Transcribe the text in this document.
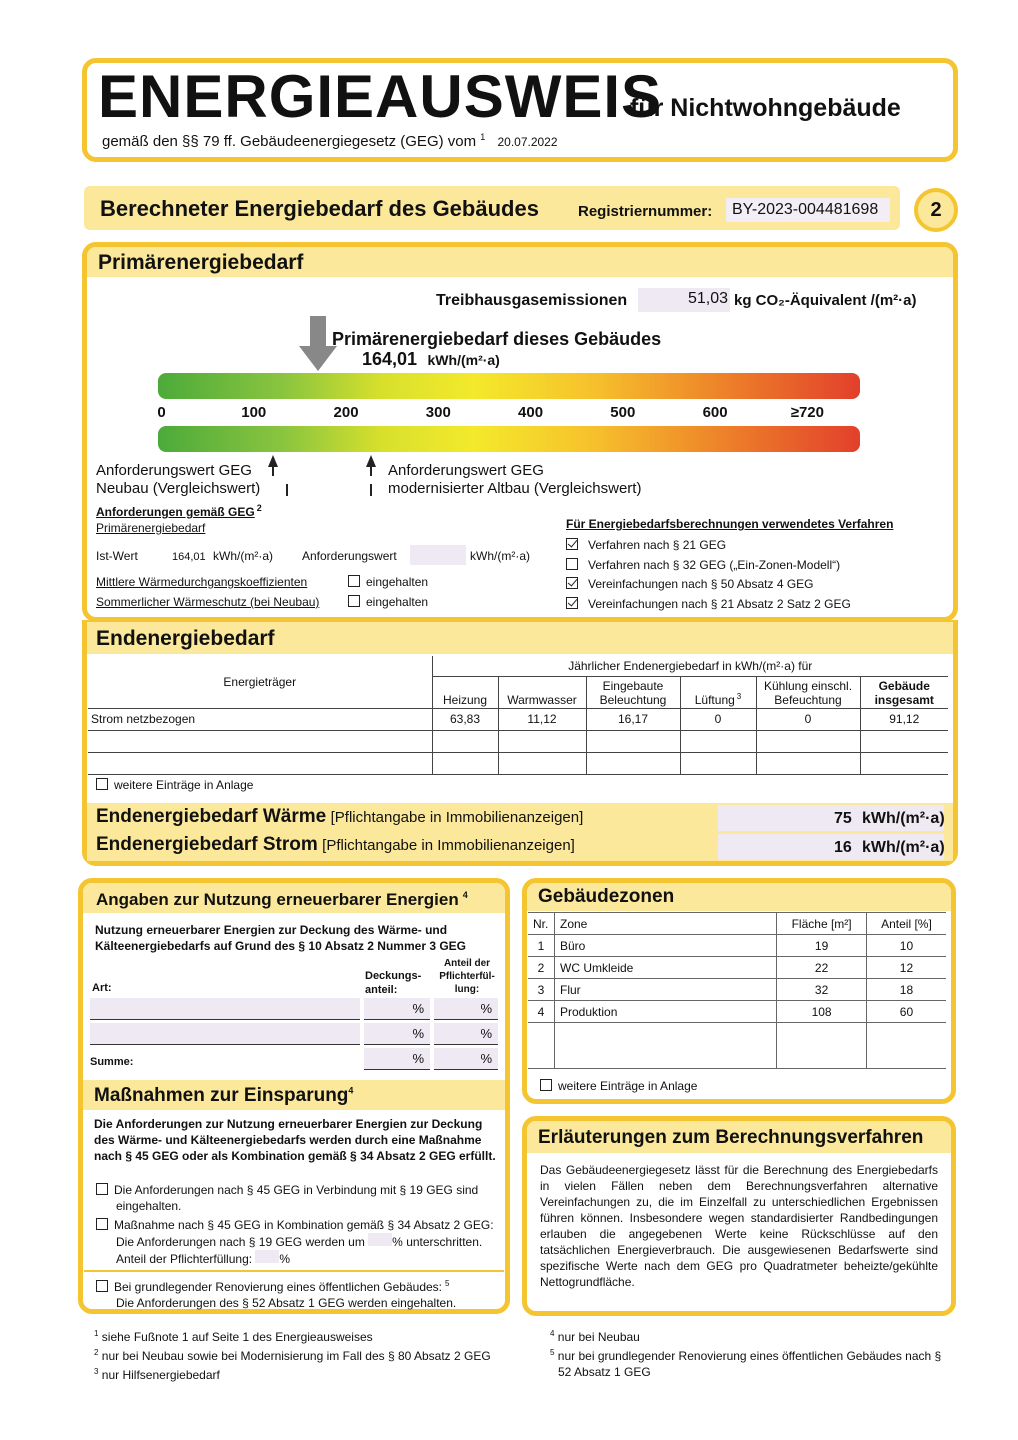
ENERGIEAUSWEIS
für Nichtwohngebäude
gemäß den §§ 79 ff. Gebäudeenergiegesetz (GEG) vom $^1$ 20.07.2022
Berechneter Energiebedarf des Gebäudes	Registriernummer:	BY-2023-004481698	2
Primärenergiebedarf
Treibhausgasemissionen	51,03 kg CO₂-Äquivalent /(m²·a)
Primärenergiebedarf dieses Gebäudes
164,01 kWh/(m²·a)
0	100	200	300	400	500	600	≥720
Anforderungswert GEG
Neubau (Vergleichswert)
Anforderungswert GEG
modernisierter Altbau (Vergleichswert)
Anforderungen gemäß GEG $^2$
Primärenergiebedarf
Ist-Wert	164,01 kWh/(m²·a) Anforderungswert	kWh/(m²·a)
Mittlere Wärmedurchgangskoeffizienten	eingehalten
Sommerlicher Wärmeschutz (bei Neubau)	eingehalten
Für Energiebedarfsberechnungen verwendetes Verfahren
Verfahren nach § 21 GEG
Verfahren nach § 32 GEG („Ein-Zonen-Modell“)
Vereinfachungen nach § 50 Absatz 4 GEG
Vereinfachungen nach § 21 Absatz 2 Satz 2 GEG
Endenergiebedarf
Energieträger	Jährlicher Endenergiebedarf in kWh/(m²·a) für					
	Heizung	Warmwasser	Eingebaute Beleuchtung	Lüftung $^3$	Kühlung einschl. Befeuchtung	Gebäude insgesamt
Strom netzbezogen	63,83	11,12	16,17	0	0	91,12

weitere Einträge in Anlage
Endenergiebedarf Wärme [Pflichtangabe in Immobilienanzeigen]	75 kWh/(m²·a)
Endenergiebedarf Strom [Pflichtangabe in Immobilienanzeigen]	16 kWh/(m²·a)
Angaben zur Nutzung erneuerbarer Energien $^4$
Nutzung erneuerbarer Energien zur Deckung des Wärme- und Kälteenergiebedarfs auf Grund des § 10 Absatz 2 Nummer 3 GEG
Art:
Deckungs-anteil:
Anteil der Pflichterfül-lung:
%	%
%	%
Summe:	%	%
Maßnahmen zur Einsparung$^4$
Die Anforderungen zur Nutzung erneuerbarer Energien zur Deckung des Wärme- und Kälteenergiebedarfs werden durch eine Maßnahme nach § 45 GEG oder als Kombination gemäß § 34 Absatz 2 GEG erfüllt.
Die Anforderungen nach § 45 GEG in Verbindung mit § 19 GEG sind eingehalten.
Maßnahme nach § 45 GEG in Kombination gemäß § 34 Absatz 2 GEG: Die Anforderungen nach § 19 GEG werden um % unterschritten. Anteil der Pflichterfüllung: %
Bei grundlegender Renovierung eines öffentlichen Gebäudes: $^5$
Die Anforderungen des § 52 Absatz 1 GEG werden eingehalten.
Gebäudezonen
Nr.	Zone	Fläche [m²]	Anteil [%]
1	Büro	19	10
2	WC Umkleide	22	12
3	Flur	32	18
4	Produktion	108	60

weitere Einträge in Anlage
Erläuterungen zum Berechnungsverfahren
Das Gebäudeenergiegesetz lässt für die Berechnung des Energiebedarfs in vielen Fällen neben dem Berechnungsverfahren alternative Vereinfachungen zu, die im Einzelfall zu unterschiedlichen Ergebnissen führen können. Insbesondere wegen standardisierter Randbedingungen erlauben die angegebenen Werte keine Rückschlüsse auf den tatsächlichen Energieverbrauch. Die ausgewiesenen Bedarfswerte sind spezifische Werte nach dem GEG pro Quadratmeter beheizte/gekühlte Nettogrundfläche.
$^1$ siehe Fußnote 1 auf Seite 1 des Energieausweises
$^2$ nur bei Neubau sowie bei Modernisierung im Fall des § 80 Absatz 2 GEG
$^3$ nur Hilfsenergiebedarf
$^4$ nur bei Neubau
$^5$ nur bei grundlegender Renovierung eines öffentlichen Gebäudes nach § 52 Absatz 1 GEG
